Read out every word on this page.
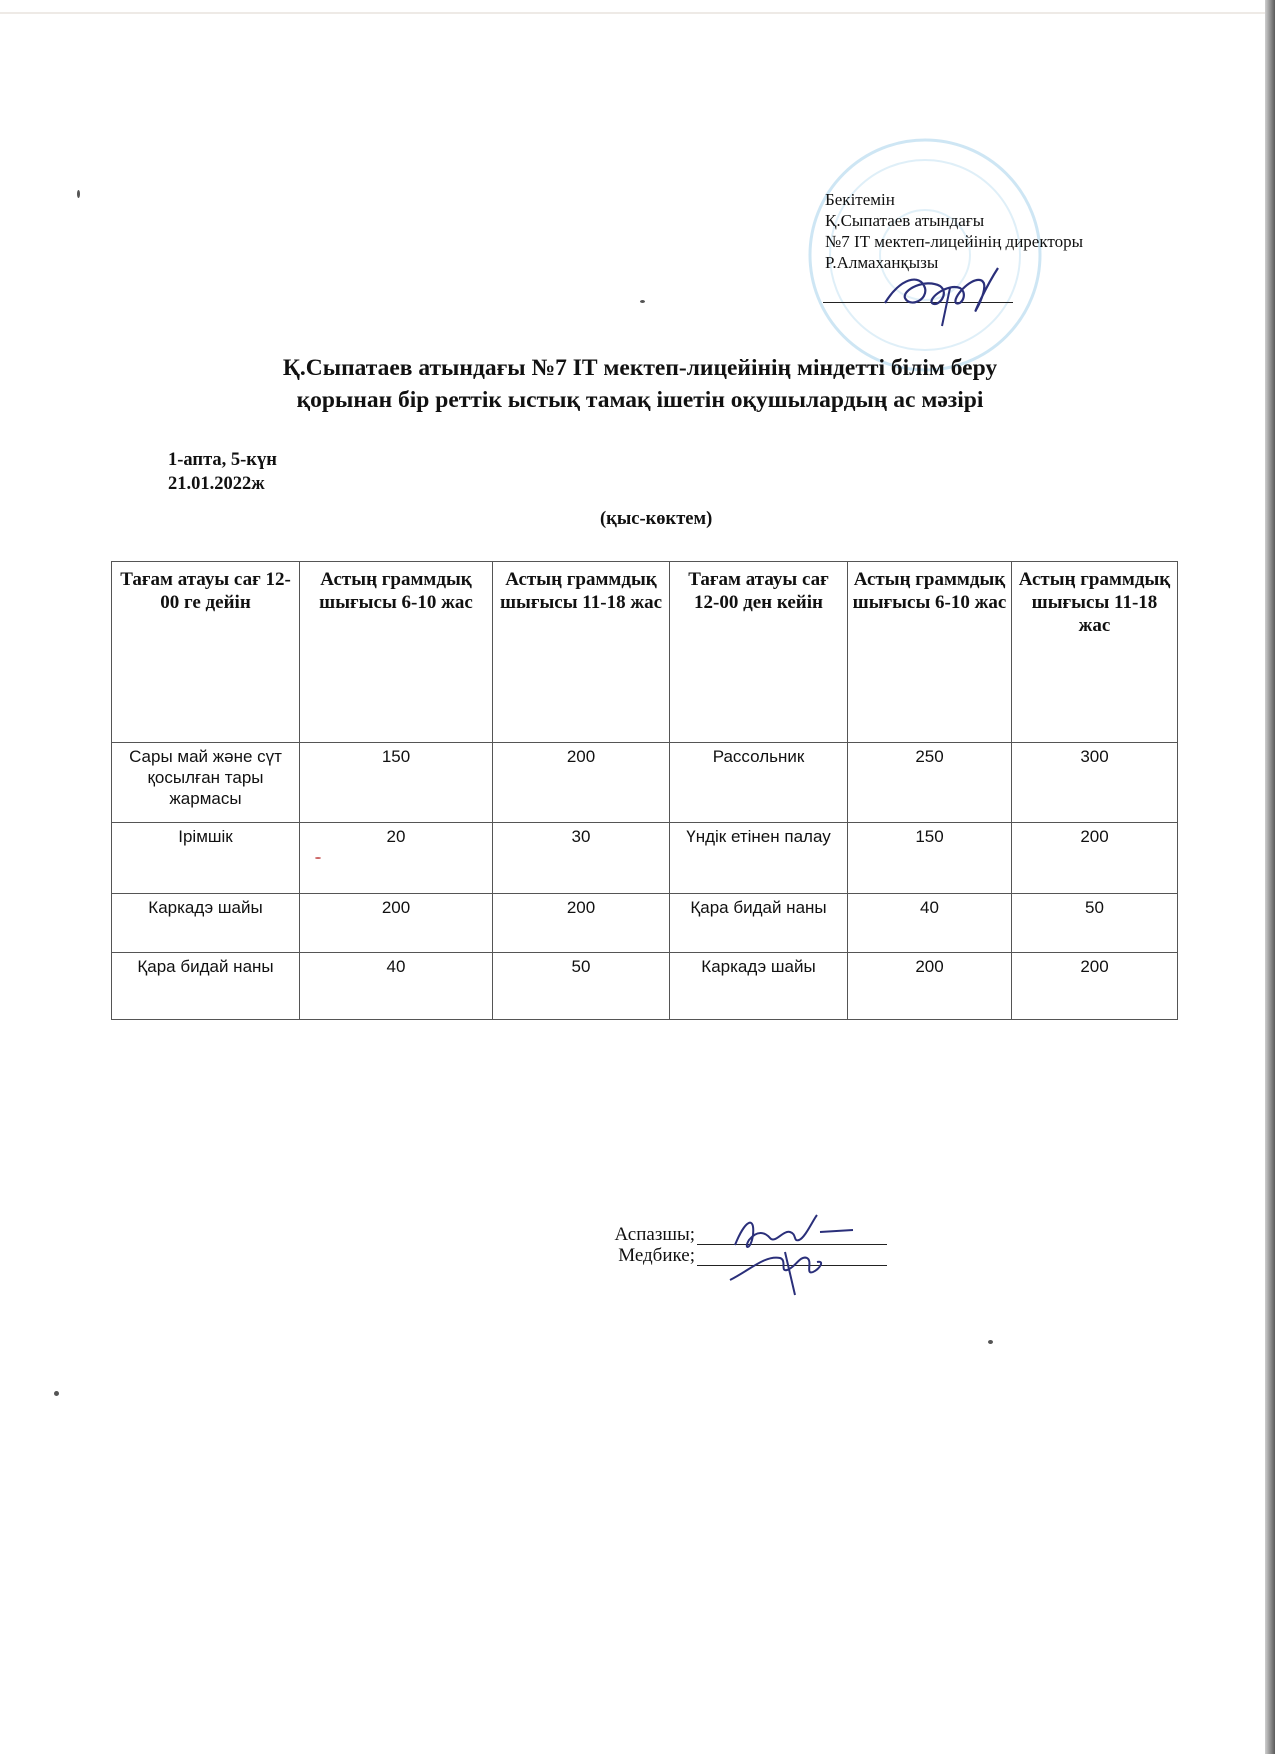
Бекітемін
Қ.Сыпатаев атындағы
№7 ІТ мектеп-лицейінің директоры
Р.Алмаханқызы
Қ.Сыпатаев атындағы №7 ІТ мектеп-лицейінің міндетті білім беру
қорынан бір реттік ыстық тамақ ішетін оқушылардың ас мәзірі
1-апта, 5-күн
21.01.2022ж
(қыс-көктем)
Тағам атауы сағ 12-00 ге дейін	Астың граммдық шығысы 6-10 жас	Астың граммдық шығысы 11-18 жас	Тағам атауы сағ 12-00 ден кейін	Астың граммдық шығысы 6-10 жас	Астың граммдық шығысы 11-18 жас
Сары май және сүт қосылған тары жармасы	150	200	Рассольник	250	300
Ірімшік	20	30	Үндік етінен палау	150	200
Каркадэ шайы	200	200	Қара бидай наны	40	50
Қара бидай наны	40	50	Каркадэ шайы	200	200
Аспазшы;
Медбике;
